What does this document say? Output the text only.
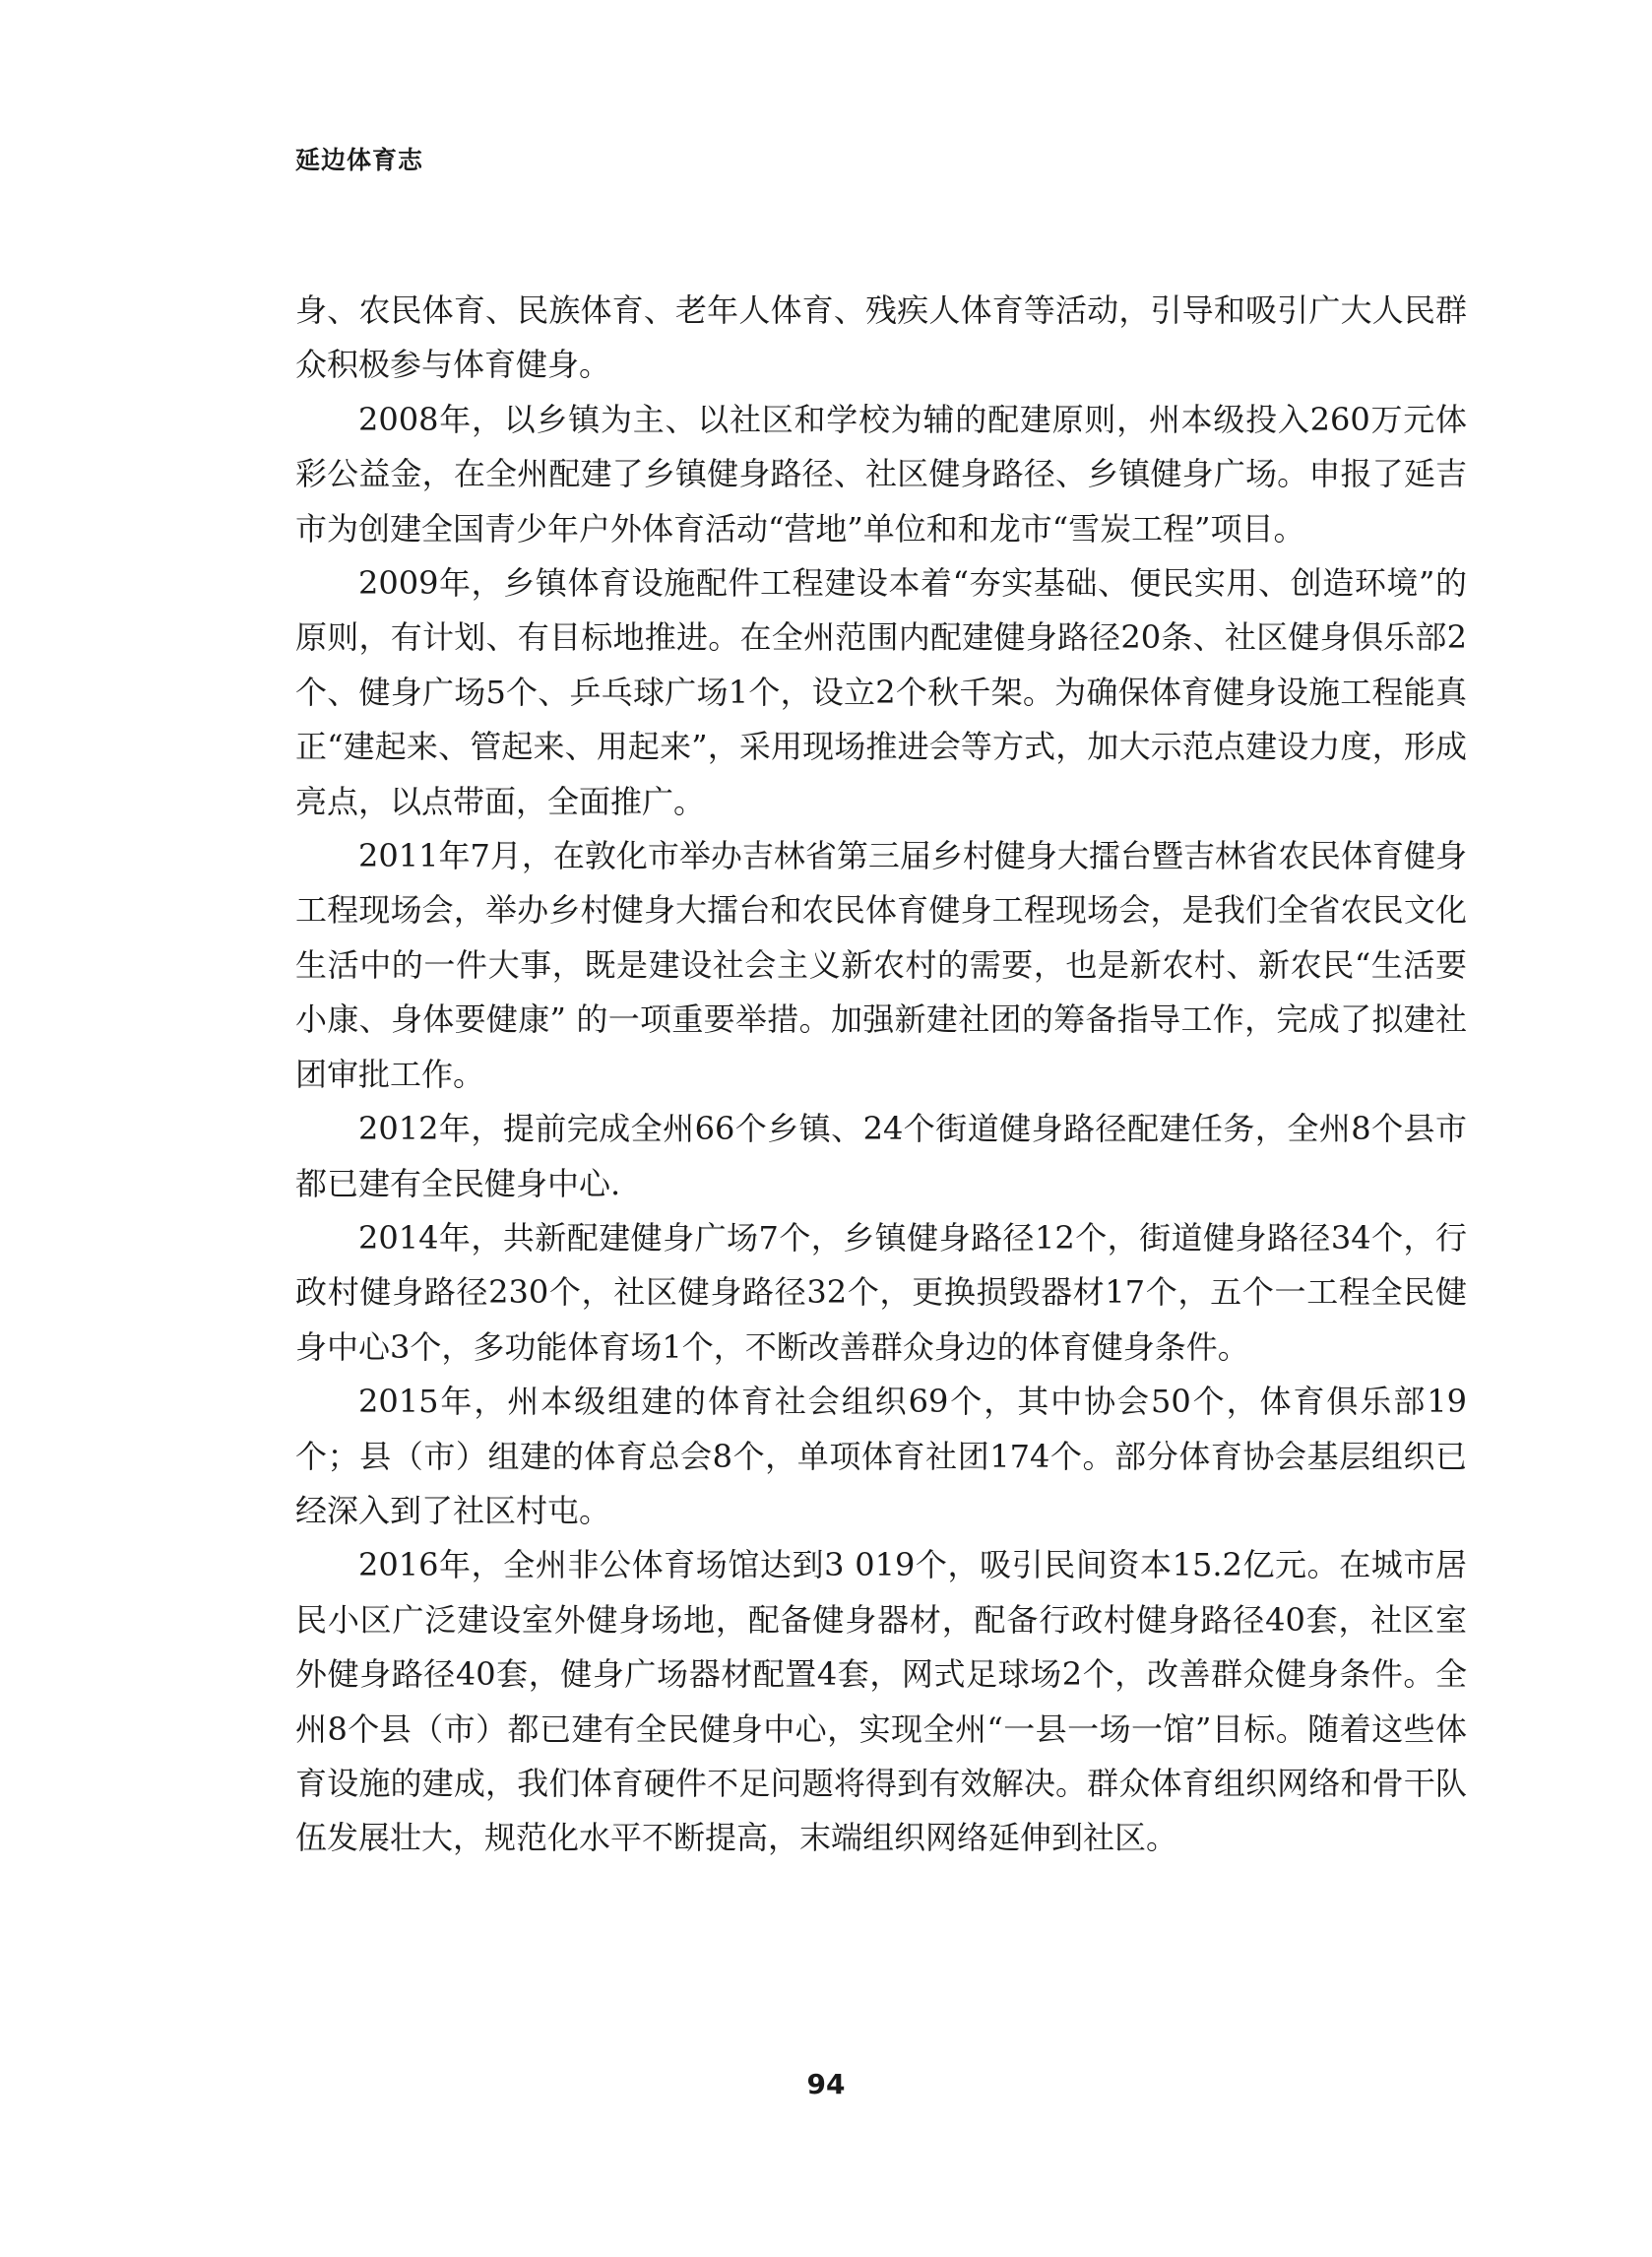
延边体育志

身、农民体育、民族体育、老年人体育、残疾人体育等活动，引导和吸引广大人民群众积极参与体育健身。

2008年，以乡镇为主、以社区和学校为辅的配建原则，州本级投入260万元体彩公益金，在全州配建了乡镇健身路径、社区健身路径、乡镇健身广场。申报了延吉市为创建全国青少年户外体育活动“营地”单位和和龙市“雪炭工程”项目。

2009年，乡镇体育设施配件工程建设本着“夯实基础、便民实用、创造环境”的原则，有计划、有目标地推进。在全州范围内配建健身路径20条、社区健身俱乐部2个、健身广场5个、乒乓球广场1个，设立2个秋千架。为确保体育健身设施工程能真正“建起来、管起来、用起来”，采用现场推进会等方式，加大示范点建设力度，形成亮点，以点带面，全面推广。

2011年7月，在敦化市举办吉林省第三届乡村健身大擂台暨吉林省农民体育健身工程现场会，举办乡村健身大擂台和农民体育健身工程现场会，是我们全省农民文化生活中的一件大事，既是建设社会主义新农村的需要，也是新农村、新农民“生活要小康、身体要健康” 的一项重要举措。加强新建社团的筹备指导工作，完成了拟建社团审批工作。

2012年，提前完成全州66个乡镇、24个街道健身路径配建任务，全州8个县市都已建有全民健身中心.

2014年，共新配建健身广场7个，乡镇健身路径12个，街道健身路径34个，行政村健身路径230个，社区健身路径32个，更换损毁器材17个，五个一工程全民健身中心3个，多功能体育场1个，不断改善群众身边的体育健身条件。

2015年，州本级组建的体育社会组织69个，其中协会50个，体育俱乐部19个；县（市）组建的体育总会8个，单项体育社团174个。部分体育协会基层组织已经深入到了社区村屯。

2016年，全州非公体育场馆达到3 019个，吸引民间资本15.2亿元。在城市居民小区广泛建设室外健身场地，配备健身器材，配备行政村健身路径40套，社区室外健身路径40套，健身广场器材配置4套，网式足球场2个，改善群众健身条件。全州8个县（市）都已建有全民健身中心，实现全州“一县一场一馆”目标。随着这些体育设施的建成，我们体育硬件不足问题将得到有效解决。群众体育组织网络和骨干队伍发展壮大，规范化水平不断提高，末端组织网络延伸到社区。

94
